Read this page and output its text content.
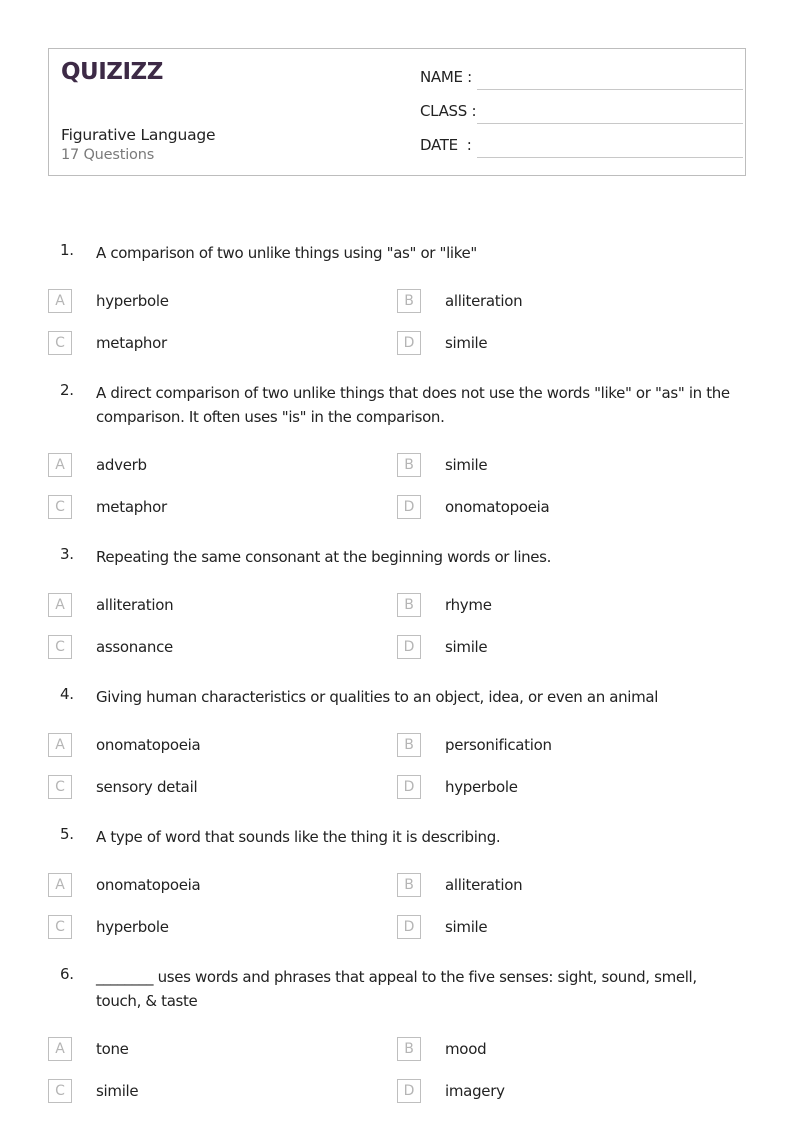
QUIZIZZ
Figurative Language
17 Questions
NAME :
CLASS :
DATE  :
1. A comparison of two unlike things using "as" or "like"
A	hyperbole	B	alliteration
C	metaphor	D	simile
2. A direct comparison of two unlike things that does not use the words "like" or "as" in the comparison. It often uses "is" in the comparison.
A	adverb	B	simile
C	metaphor	D	onomatopoeia
3. Repeating the same consonant at the beginning words or lines.
A	alliteration	B	rhyme
C	assonance	D	simile
4. Giving human characteristics or qualities to an object, idea, or even an animal
A	onomatopoeia	B	personification
C	sensory detail	D	hyperbole
5. A type of word that sounds like the thing it is describing.
A	onomatopoeia	B	alliteration
C	hyperbole	D	simile
6. ________ uses words and phrases that appeal to the five senses: sight, sound, smell, touch, & taste
A	tone	B	mood
C	simile	D	imagery
